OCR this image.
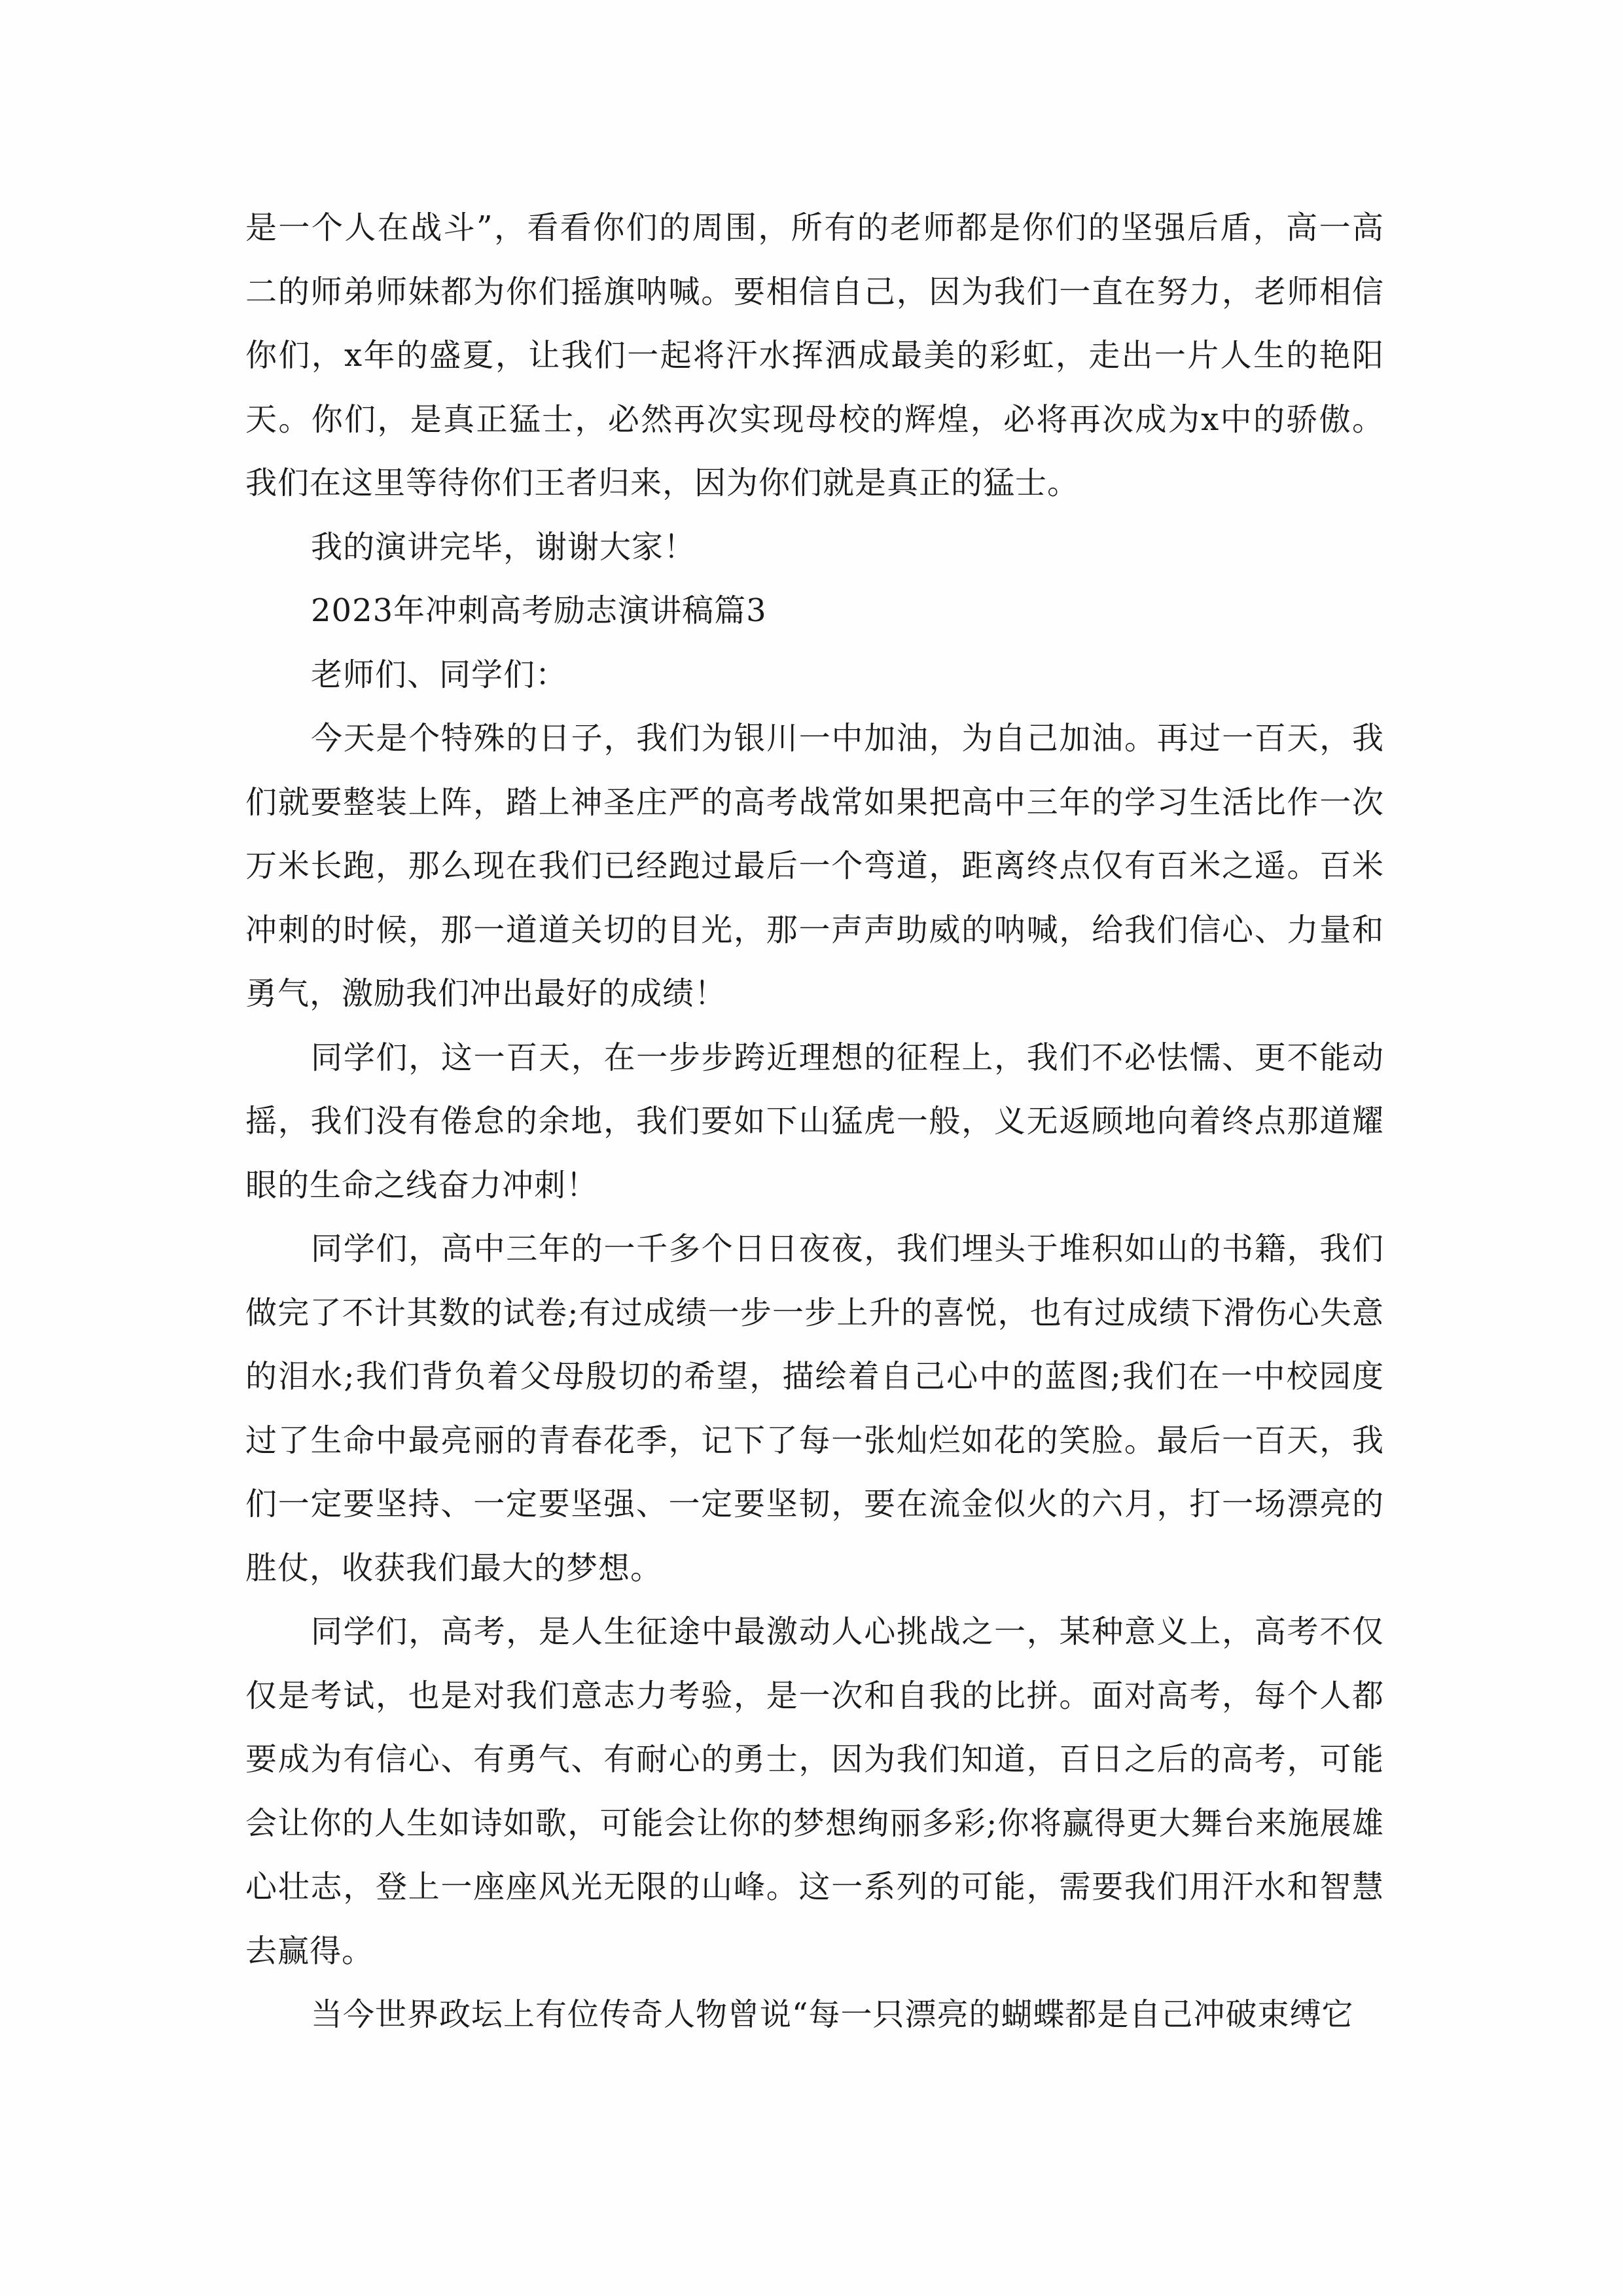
是一个人在战斗”，看看你们的周围，所有的老师都是你们的坚强后盾，高一高二的师弟师妹都为你们摇旗呐喊。要相信自己，因为我们一直在努力，老师相信你们，x年的盛夏，让我们一起将汗水挥洒成最美的彩虹，走出一片人生的艳阳天。你们，是真正猛士，必然再次实现母校的辉煌，必将再次成为x中的骄傲。我们在这里等待你们王者归来，因为你们就是真正的猛士。

我的演讲完毕，谢谢大家！

2023年冲刺高考励志演讲稿篇3

老师们、同学们：

今天是个特殊的日子，我们为银川一中加油，为自己加油。再过一百天，我们就要整装上阵，踏上神圣庄严的高考战常如果把高中三年的学习生活比作一次万米长跑，那么现在我们已经跑过最后一个弯道，距离终点仅有百米之遥。百米冲刺的时候，那一道道关切的目光，那一声声助威的呐喊，给我们信心、力量和勇气，激励我们冲出最好的成绩！

同学们，这一百天，在一步步跨近理想的征程上，我们不必怯懦、更不能动摇，我们没有倦怠的余地，我们要如下山猛虎一般，义无返顾地向着终点那道耀眼的生命之线奋力冲刺！

同学们，高中三年的一千多个日日夜夜，我们埋头于堆积如山的书籍，我们做完了不计其数的试卷;有过成绩一步一步上升的喜悦，也有过成绩下滑伤心失意的泪水;我们背负着父母殷切的希望，描绘着自己心中的蓝图;我们在一中校园度过了生命中最亮丽的青春花季，记下了每一张灿烂如花的笑脸。最后一百天，我们一定要坚持、一定要坚强、一定要坚韧，要在流金似火的六月，打一场漂亮的胜仗，收获我们最大的梦想。

同学们，高考，是人生征途中最激动人心挑战之一，某种意义上，高考不仅仅是考试，也是对我们意志力考验，是一次和自我的比拼。面对高考，每个人都要成为有信心、有勇气、有耐心的勇士，因为我们知道，百日之后的高考，可能会让你的人生如诗如歌，可能会让你的梦想绚丽多彩;你将赢得更大舞台来施展雄心壮志，登上一座座风光无限的山峰。这一系列的可能，需要我们用汗水和智慧去赢得。

当今世界政坛上有位传奇人物曾说“每一只漂亮的蝴蝶都是自己冲破束缚它
